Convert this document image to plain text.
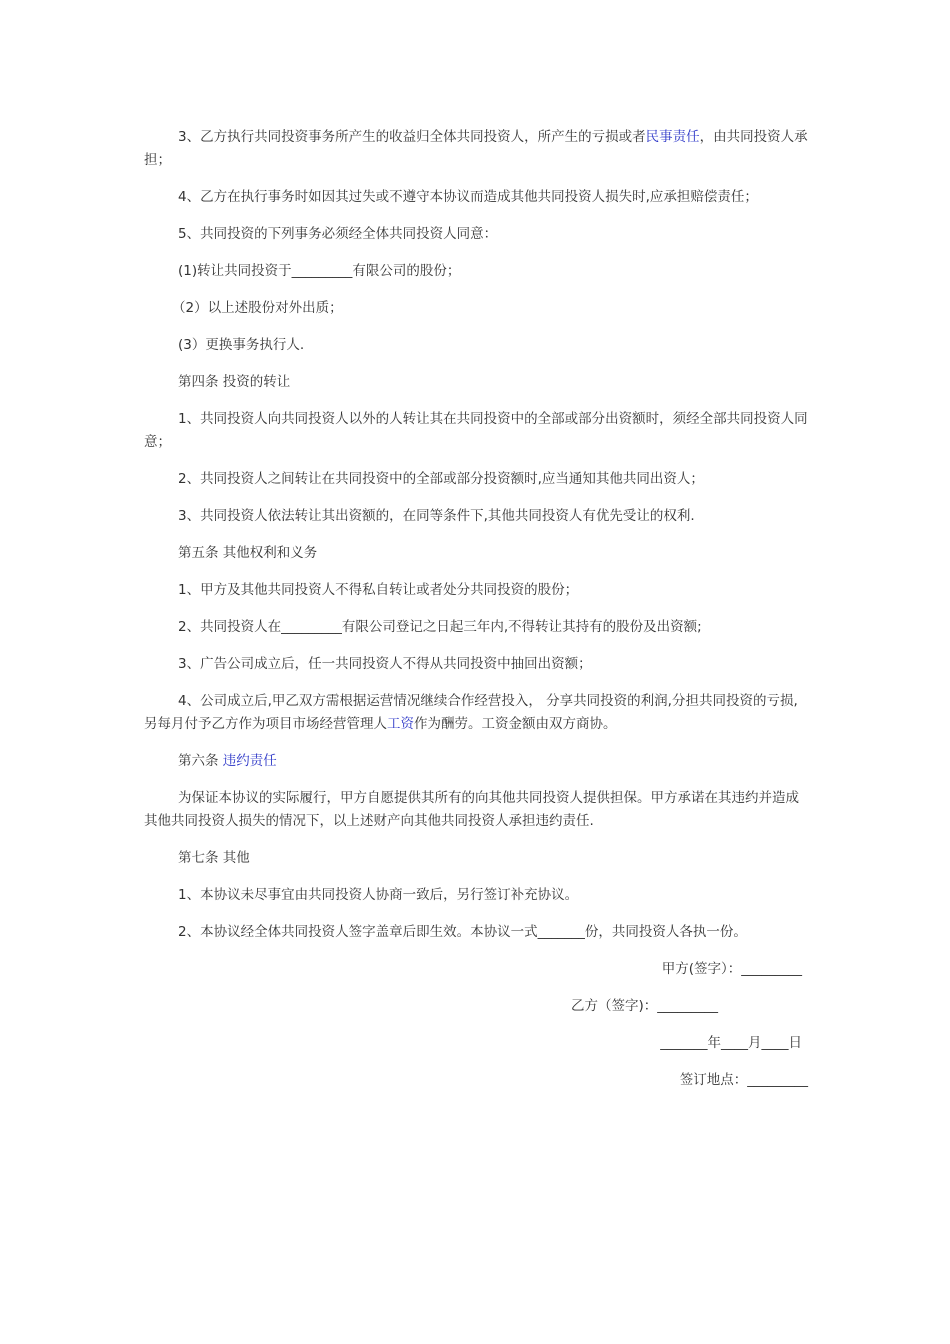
3、乙方执行共同投资事务所产生的收益归全体共同投资人，所产生的亏损或者民事责任，由共同投资人承担；

4、乙方在执行事务时如因其过失或不遵守本协议而造成其他共同投资人损失时,应承担赔偿责任；

5、共同投资的下列事务必须经全体共同投资人同意：

(1)转让共同投资于_________有限公司的股份；

（2）以上述股份对外出质；

(3）更换事务执行人.

第四条 投资的转让

1、共同投资人向共同投资人以外的人转让其在共同投资中的全部或部分出资额时，须经全部共同投资人同意；

2、共同投资人之间转让在共同投资中的全部或部分投资额时,应当通知其他共同出资人；

3、共同投资人依法转让其出资额的，在同等条件下,其他共同投资人有优先受让的权利.

第五条 其他权利和义务

1、甲方及其他共同投资人不得私自转让或者处分共同投资的股份；

2、共同投资人在_________有限公司登记之日起三年内,不得转让其持有的股份及出资额;

3、广告公司成立后，任一共同投资人不得从共同投资中抽回出资额；

4、公司成立后,甲乙双方需根据运营情况继续合作经营投入， 分享共同投资的利润,分担共同投资的亏损,另每月付予乙方作为项目市场经营管理人工资作为酬劳。工资金额由双方商协。

第六条 违约责任

为保证本协议的实际履行，甲方自愿提供其所有的向其他共同投资人提供担保。甲方承诺在其违约并造成其他共同投资人损失的情况下，以上述财产向其他共同投资人承担违约责任.

第七条 其他

1、本协议未尽事宜由共同投资人协商一致后，另行签订补充协议。

2、本协议经全体共同投资人签字盖章后即生效。本协议一式_______份，共同投资人各执一份。

甲方(签字）：_________

乙方（签字)：_________

_______年____月____日

签订地点：_________
